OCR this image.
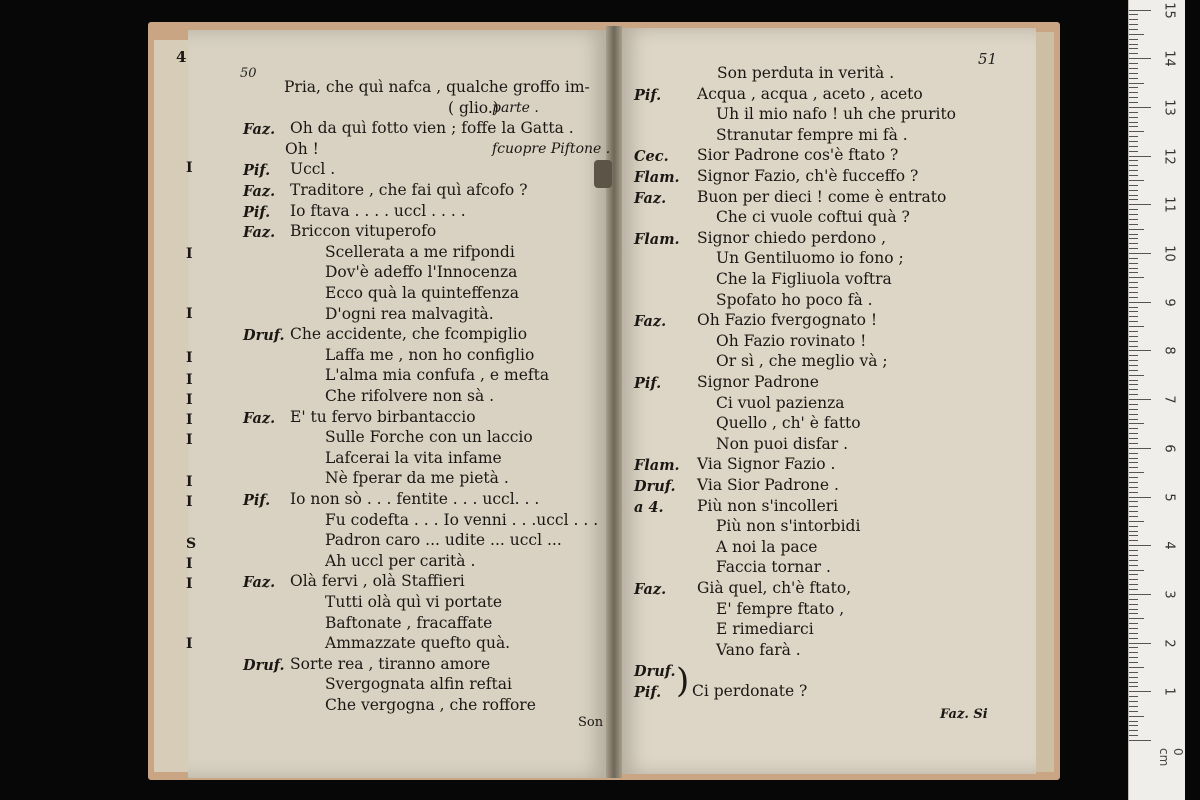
I
I
I
I
I
I
I
I
I
I
S
I
I
I
4
50
51
Pria, che quì nafca , qualche groffo im-
( glio.)
parte .
Faz. Oh da quì fotto vien ; foffe la Gatta .
Oh !	fcuopre Piftone .
Pif. Uccl .
Faz. Traditore , che fai quì afcofo ?
Pif. Io ftava . . . . uccl . . . .
Faz. Briccon vituperofo
Scellerata a me rifpondi
Dov'è adeffo l'Innocenza
Ecco quà la quinteffenza
D'ogni rea malvagità.
Druf. Che accidente, che fcompiglio
Laffa me , non ho configlio
L'alma mia confufa , e mefta
Che rifolvere non sà .
Faz. E' tu fervo birbantaccio
Sulle Forche con un laccio
Lafcerai la vita infame
Nè fperar da me pietà .
Pif. Io non sò . . . fentite . . . uccl. . .
Fu codefta . . . Io venni . . .uccl . . .
Padron caro ... udite ... uccl ...
Ah uccl per carità .
Faz. Olà fervi , olà Staffieri
Tutti olà quì vi portate
Baftonate , fracaffate
Ammazzate quefto quà.
Druf. Sorte rea , tiranno amore
Svergognata alfin reftai
Che vergogna , che roffore
Son perduta in verità .
Pif. Acqua , acqua , aceto , aceto
Uh il mio nafo ! uh che prurito
Stranutar fempre mi fà .
Cec. Sior Padrone cos'è ftato ?
Flam. Signor Fazio, ch'è fucceffo ?
Faz. Buon per dieci ! come è entrato
Che ci vuole coftui quà ?
Flam. Signor chiedo perdono ,
Un Gentiluomo io fono ;
Che la Figliuola voftra
Spofato ho poco fà .
Faz. Oh Fazio fvergognato !
Oh Fazio rovinato !
Or sì , che meglio và ;
Pif. Signor Padrone
Ci vuol pazienza
Quello , ch' è fatto
Non puoi disfar .
Flam. Via Signor Fazio .
Druf. Via Sior Padrone .
a 4. Più non s'incolleri
Più non s'intorbidi
A noi la pace
Faccia tornar .
Faz. Già quel, ch'è ftato,
E' fempre ftato ,
E rimediarci
Vano farà .
Druf.
Pif. Ci perdonate ?
)
Son
Faz. Si
1
2
3
4
5
6
7
8
9
10
11
12
13
14
15
0 cm
